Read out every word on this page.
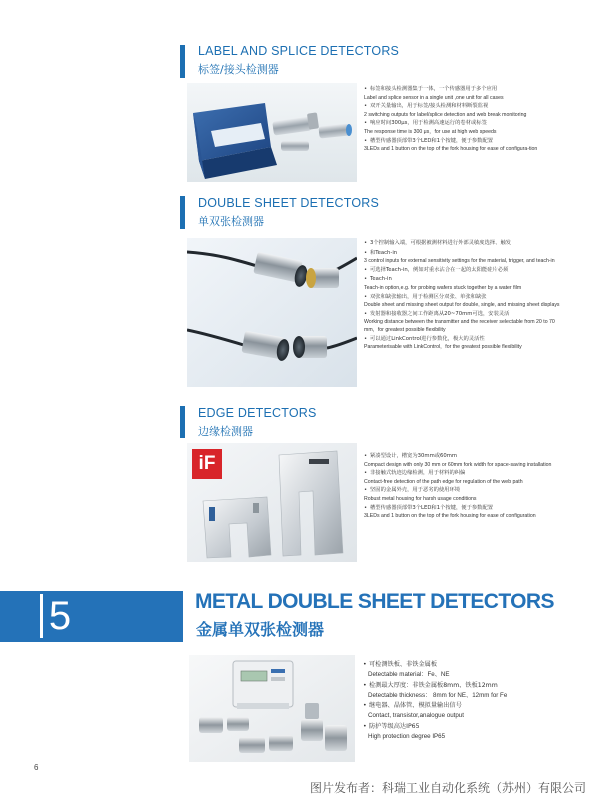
LABEL AND SPLICE DETECTORS
标签/接头检测器
• 标签和接头检测器集于一体，一个传感器用于多个应用
Label and splice sensor in a single unit ,one unit for all cases
• 双开关量输出，用于标签/接头检测和材料断裂监视
2 switching outputs for label/splice detection and web break monitoring
• 响应时间300μs，用于检测高速运行的卷材或标签
The response time is 300 μs，for use at high web speeds
• 槽型传感器顶部带3个LED和1个按键，便于参数配置
3LEDs and 1 button on the top of the fork housing for ease of configura-tion
DOUBLE SHEET DETECTORS
单双张检测器
• 3个控制输入端，可根据被测材料进行外部灵敏度选择、触发
• 和Teach-in
3 control inputs for external sensitivity settings for the material, trigger, and teach-in
• 可选择Teach-in，例如对重水沾合在一起的太阳能硅片必须
• Teach-in
Teach-in option,e.g. for probing wafers stuck together by a water film
• 双张和缺张输出，用于检测区分双张、单张和缺张
Double sheet and missing sheet output for double, single, and missing sheet displays
• 发射器和接收器之间工作距离从20~70mm可选，安装灵活
Working distance between the transmitter and the receiver selectable from 20 to 70 mm，for greatest possible flexibility
• 可以通过LinkControl进行参数化，极大的灵活性
Parameterisable with LinkControl，for the greatest possible flexibility
EDGE DETECTORS
边缘检测器
iF
•	紧凑型设计，槽宽为30mm或60mm
Compact design with only 30 mm or 60mm fork width for space-saving installation
• 非接触式轨迹边缘检测，用于材料的纠偏
Contact-free detection of the path edge for regulation of the web path
• 坚固的金属外壳，用于恶劣的使用环境
Robust metal housing for harsh usage conditions
• 槽型传感器顶部带3个LED和1个按键，便于参数配置
3LEDs and 1 button on the top of the fork housing for ease of configuration
5	METAL DOUBLE SHEET DETECTORS
金属单双张检测器
• 可检测铁板、非铁金属板
Detectable material：Fe、NE
• 检测最大厚度：非铁金属板8mm、铁板12mm
Detectable thickness： 8mm for NE、12mm for Fe
• 继电器、晶体管、模拟量输出信号
Contact, transistor,analogue output
• 防护等级高达IP65
High protection degree IP65
6
图片发布者：科瑞工业自动化系统（苏州）有限公司
